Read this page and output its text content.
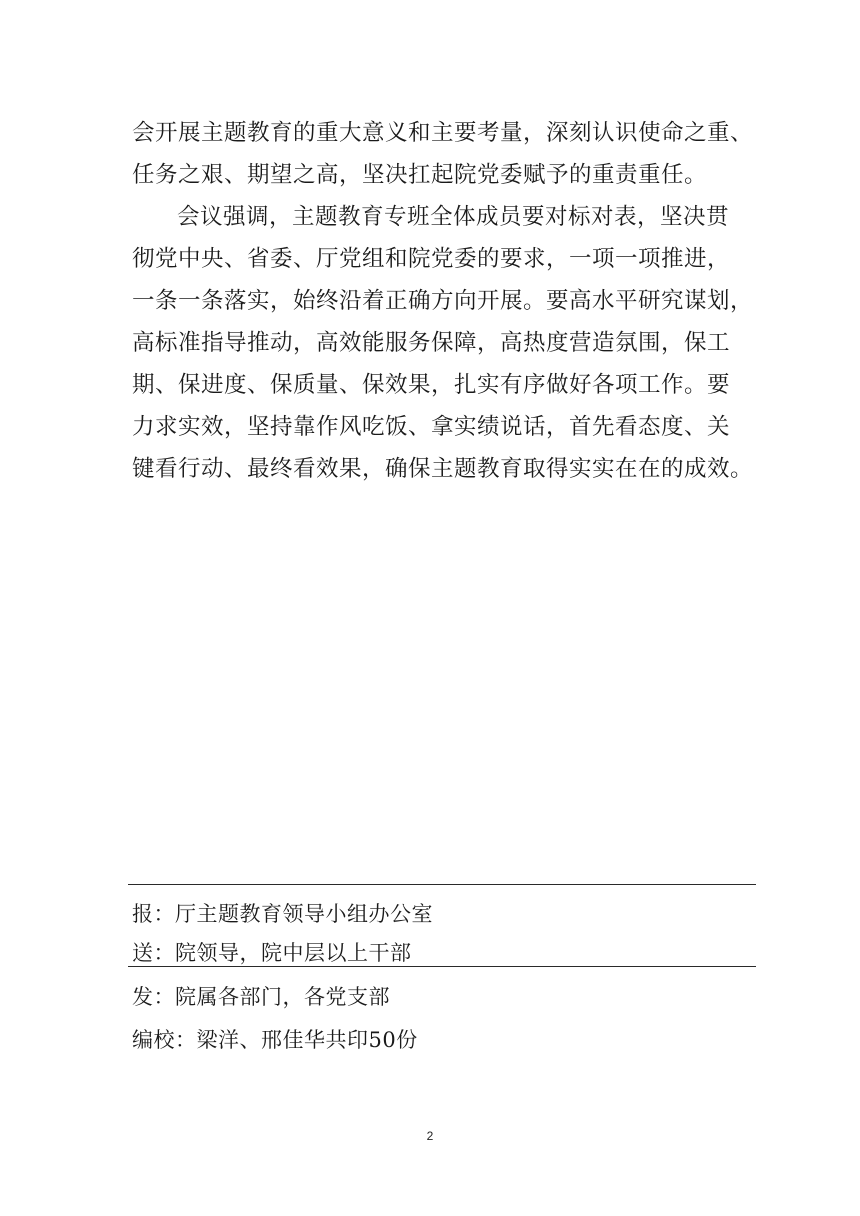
会开展主题教育的重大意义和主要考量，深刻认识使命之重、
任务之艰、期望之高，坚决扛起院党委赋予的重责重任。
会议强调，主题教育专班全体成员要对标对表，坚决贯
彻党中央、省委、厅党组和院党委的要求，一项一项推进，
一条一条落实，始终沿着正确方向开展。要高水平研究谋划，
高标准指导推动，高效能服务保障，高热度营造氛围，保工
期、保进度、保质量、保效果，扎实有序做好各项工作。要
力求实效，坚持靠作风吃饭、拿实绩说话，首先看态度、关
键看行动、最终看效果，确保主题教育取得实实在在的成效。
报：厅主题教育领导小组办公室
送：院领导，院中层以上干部
发：院属各部门，各党支部
编校：梁洋、邢佳华共印50份
2
